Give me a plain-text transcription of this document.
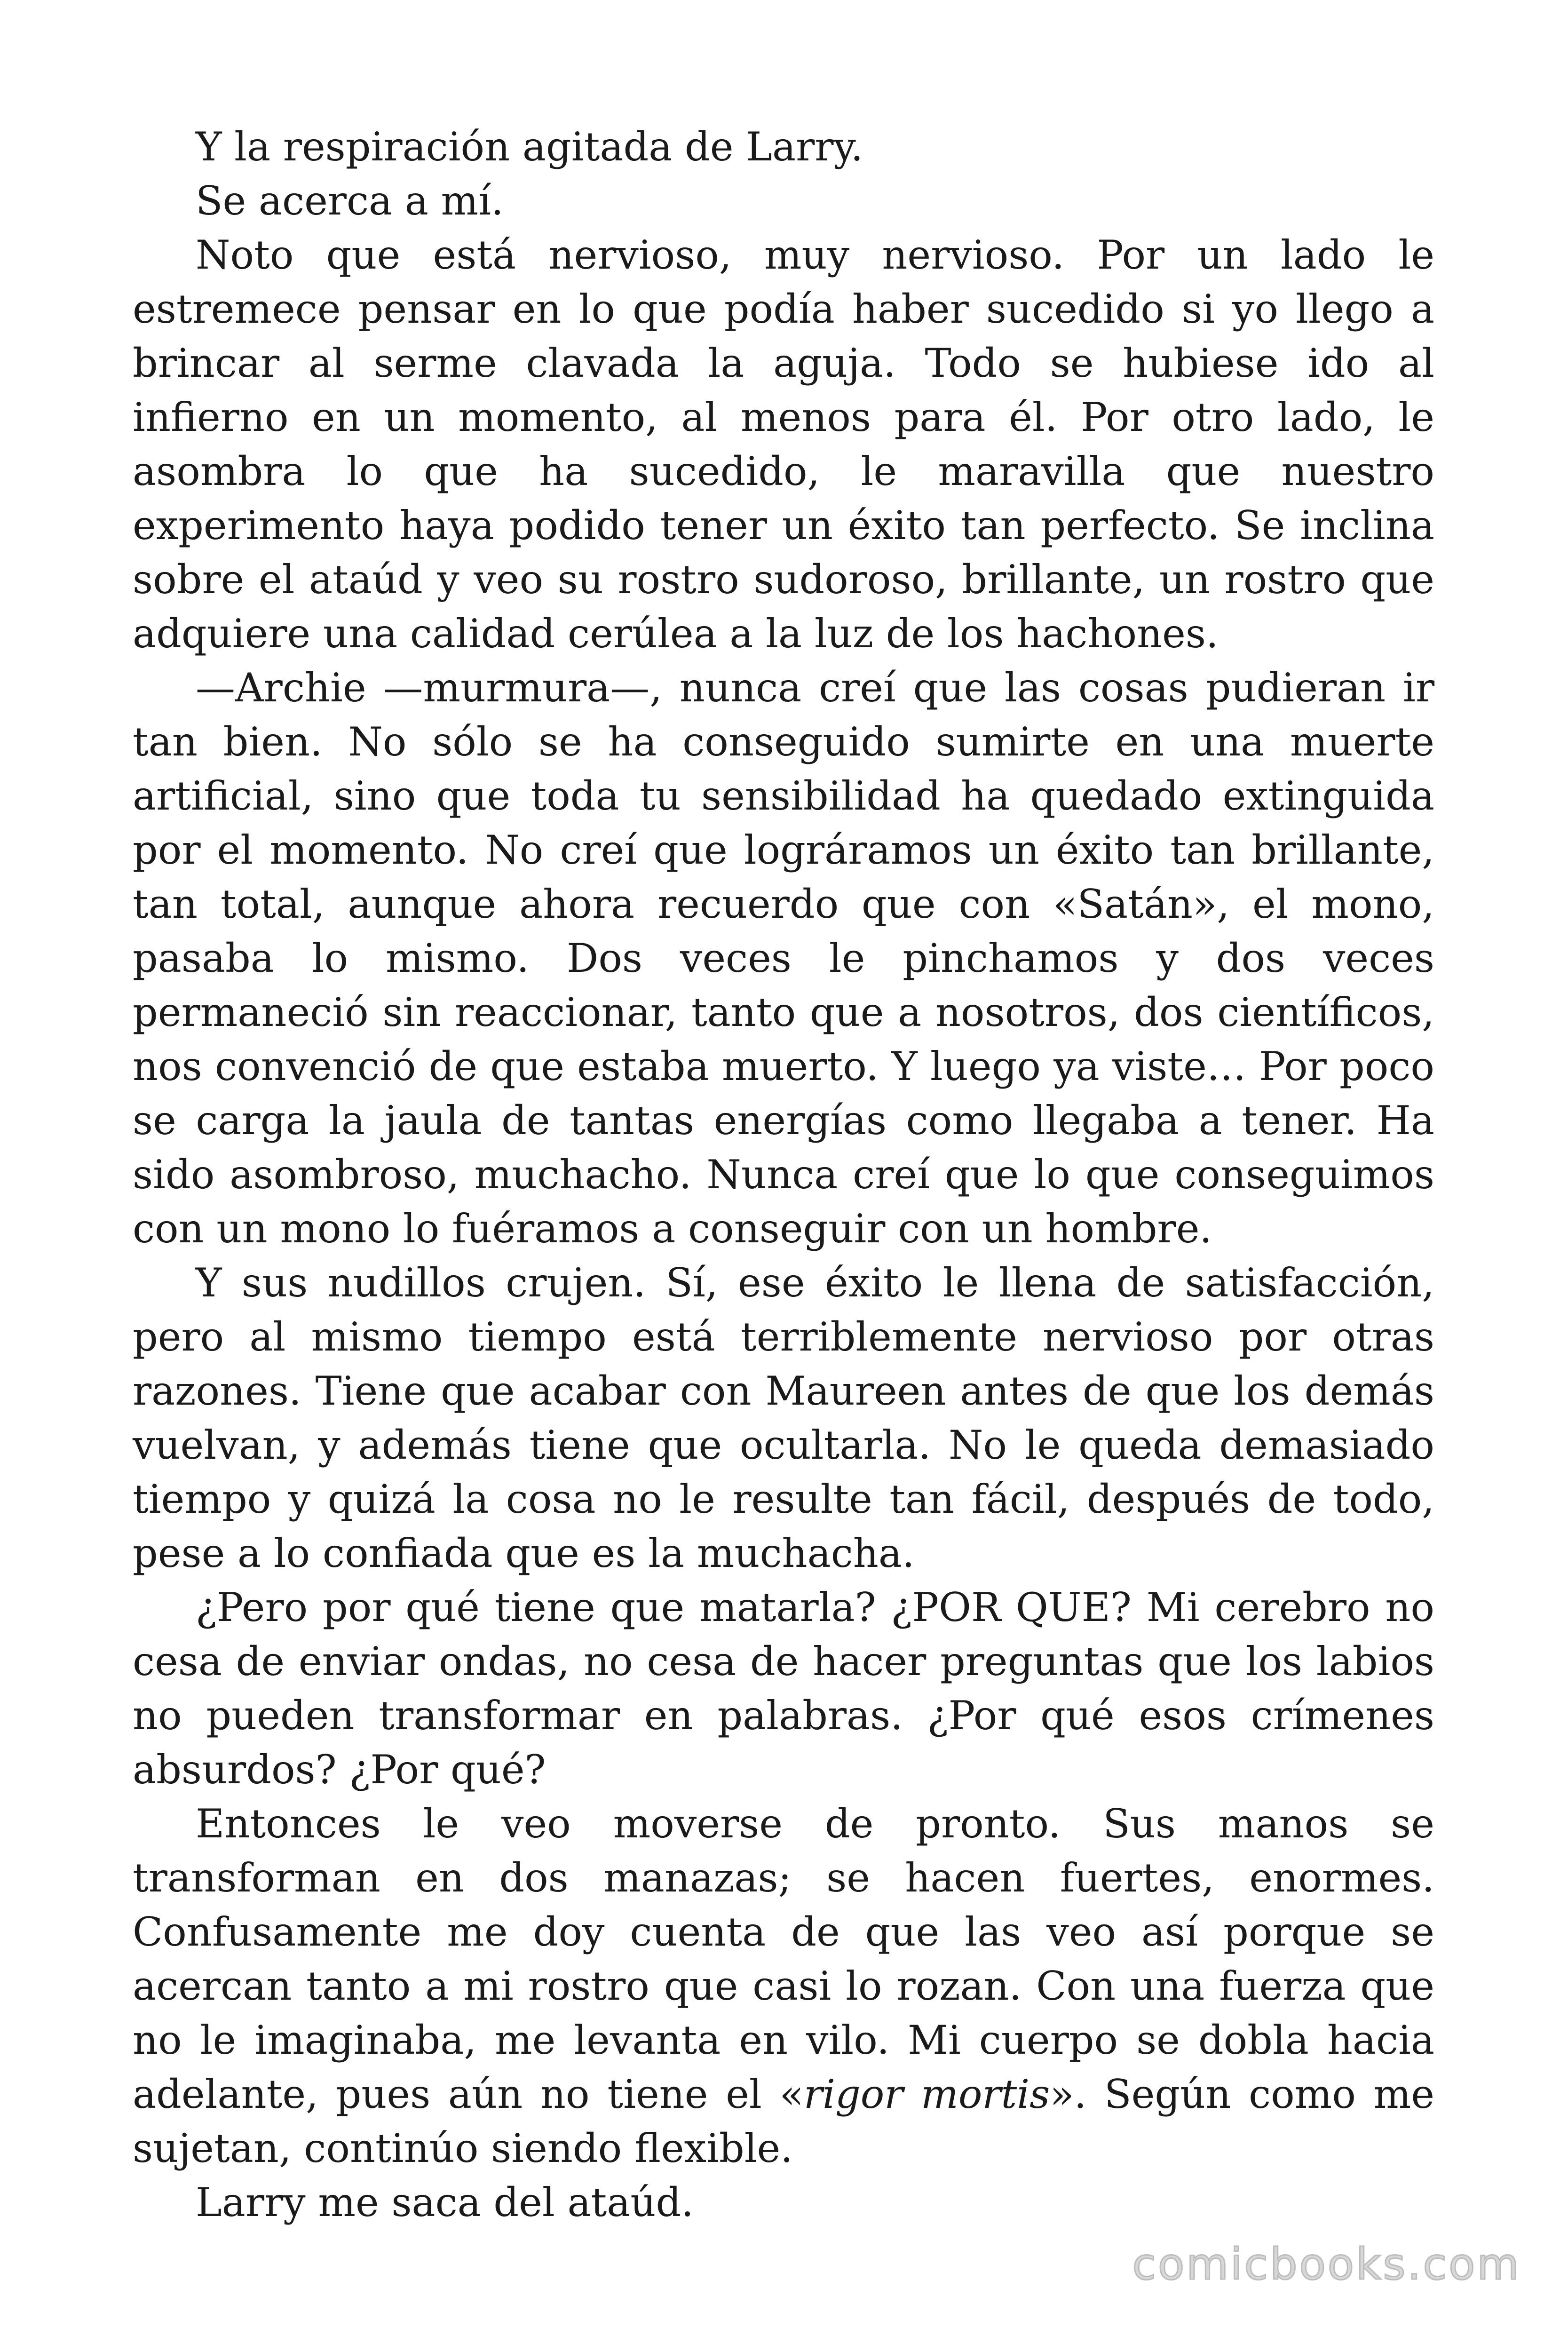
Y la respiración agitada de Larry.

Se acerca a mí.

Noto que está nervioso, muy nervioso. Por un lado le estremece pensar en lo que podía haber sucedido si yo llego a brincar al serme clavada la aguja. Todo se hubiese ido al infierno en un momento, al menos para él. Por otro lado, le asombra lo que ha sucedido, le maravilla que nuestro experimento haya podido tener un éxito tan perfecto. Se inclina sobre el ataúd y veo su rostro sudoroso, brillante, un rostro que adquiere una calidad cerúlea a la luz de los hachones.

—Archie —murmura—, nunca creí que las cosas pudieran ir tan bien. No sólo se ha conseguido sumirte en una muerte artificial, sino que toda tu sensibilidad ha quedado extinguida por el momento. No creí que lográramos un éxito tan brillante, tan total, aunque ahora recuerdo que con «Satán», el mono, pasaba lo mismo. Dos veces le pinchamos y dos veces permaneció sin reaccionar, tanto que a nosotros, dos científicos, nos convenció de que estaba muerto. Y luego ya viste… Por poco se carga la jaula de tantas energías como llegaba a tener. Ha sido asombroso, muchacho. Nunca creí que lo que conseguimos con un mono lo fuéramos a conseguir con un hombre.

Y sus nudillos crujen. Sí, ese éxito le llena de satisfacción, pero al mismo tiempo está terriblemente nervioso por otras razones. Tiene que acabar con Maureen antes de que los demás vuelvan, y además tiene que ocultarla. No le queda demasiado tiempo y quizá la cosa no le resulte tan fácil, después de todo, pese a lo confiada que es la muchacha.

¿Pero por qué tiene que matarla? ¿POR QUE? Mi cerebro no cesa de enviar ondas, no cesa de hacer preguntas que los labios no pueden transformar en palabras. ¿Por qué esos crímenes absurdos? ¿Por qué?

Entonces le veo moverse de pronto. Sus manos se transforman en dos manazas; se hacen fuertes, enormes. Confusamente me doy cuenta de que las veo así porque se acercan tanto a mi rostro que casi lo rozan. Con una fuerza que no le imaginaba, me levanta en vilo. Mi cuerpo se dobla hacia adelante, pues aún no tiene el «rigor mortis». Según como me sujetan, continúo siendo flexible.

Larry me saca del ataúd.

comicbooks.com
